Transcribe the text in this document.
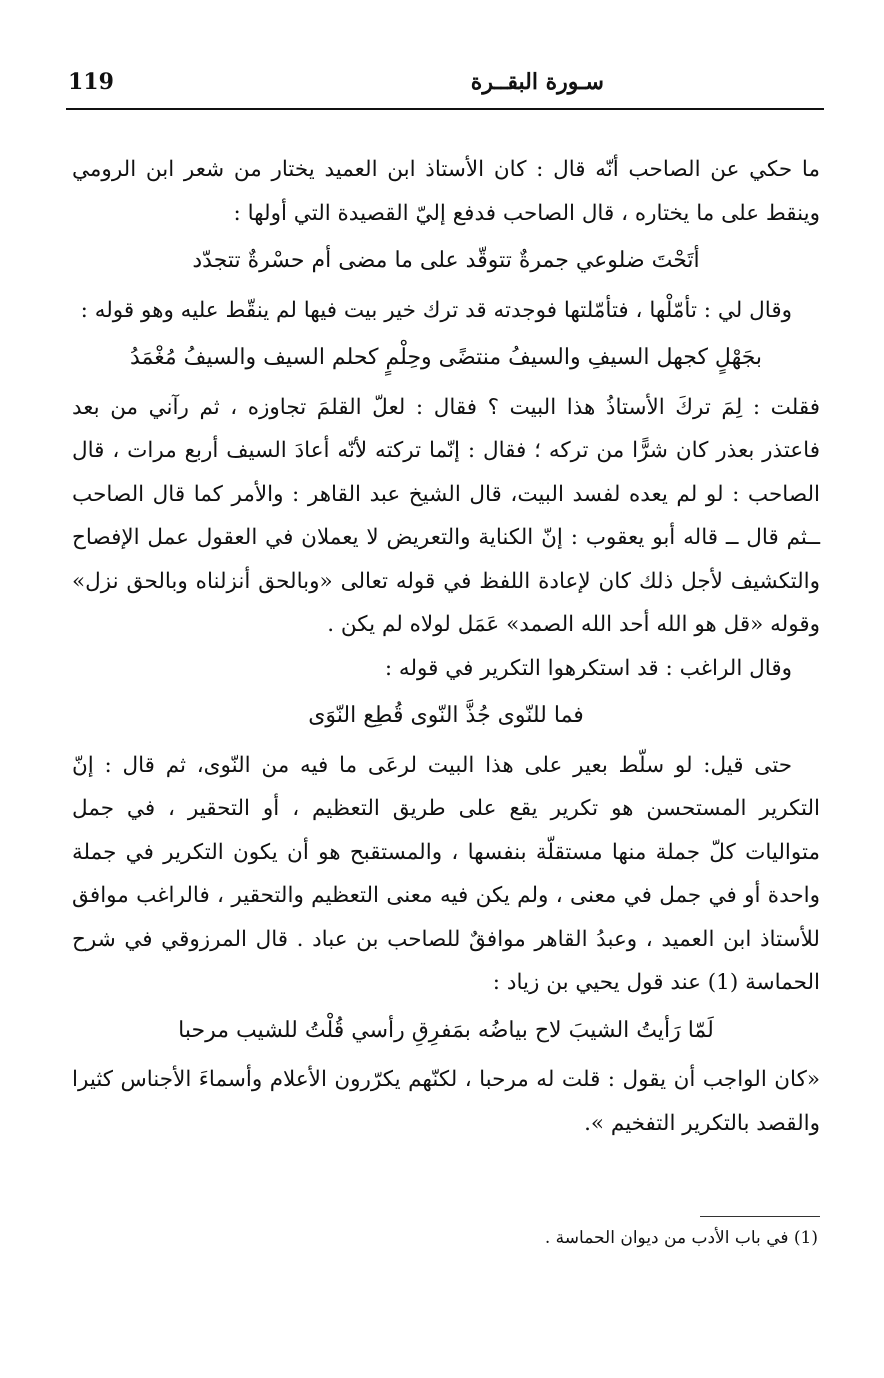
119	سـورة البقــرة

ما حكي عن الصاحب أنّه قال : كان الأستاذ ابن العميد يختار من شعر ابن الرومي وينقط على ما يختاره ، قال الصاحب فدفع إليّ القصيدة التي أولها :

أتَحْتَ ضلوعي جمرةٌ تتوقّد على ما مضى أم حسْرةٌ تتجدّد

وقال لي : تأمّلْها ، فتأمّلتها فوجدته قد ترك خير بيت فيها لم ينقّط عليه وهو قوله :

بجَهْلٍ كجهل السيفِ والسيفُ منتضًى وحِلْمٍ كحلم السيف والسيفُ مُغْمَدُ

فقلت : لِمَ تركَ الأستاذُ هذا البيت ؟ فقال : لعلّ القلمَ تجاوزه ، ثم رآني من بعد فاعتذر بعذر كان شرًّا من تركه ؛ فقال : إنّما تركته لأنّه أعادَ السيف أربع مرات ، قال الصاحب : لو لم يعده لفسد البيت، قال الشيخ عبد القاهر : والأمر كما قال الصاحب ــثم قال ــ قاله أبو يعقوب : إنّ الكناية والتعريض لا يعملان في العقول عمل الإفصاح والتكشيف لأجل ذلك كان لإعادة اللفظ في قوله تعالى «وبالحق أنزلناه وبالحق نزل» وقوله «قل هو الله أحد الله الصمد» عَمَل لولاه لم يكن .

وقال الراغب : قد استكرهوا التكرير في قوله :

فما للنّوى جُذَّ النّوى قُطِع النّوَى

حتى قيل: لو سلّط بعير على هذا البيت لرعَى ما فيه من النّوى، ثم قال : إنّ التكرير المستحسن هو تكرير يقع على طريق التعظيم ، أو التحقير ، في جمل متواليات كلّ جملة منها مستقلّة بنفسها ، والمستقبح هو أن يكون التكرير في جملة واحدة أو في جمل في معنى ، ولم يكن فيه معنى التعظيم والتحقير ، فالراغب موافق للأستاذ ابن العميد ، وعبدُ القاهر موافقٌ للصاحب بن عباد . قال المرزوقي في شرح الحماسة (1) عند قول يحيي بن زياد :

لَمّا رَأيتُ الشيبَ لاح بياضُه بمَفرِقِ رأسي قُلْتُ للشيب مرحبا

«كان الواجب أن يقول : قلت له مرحبا ، لكنّهم يكرّرون الأعلام وأسماءَ الأجناس كثيرا والقصد بالتكرير التفخيم ».

(1) في باب الأدب من ديوان الحماسة .
